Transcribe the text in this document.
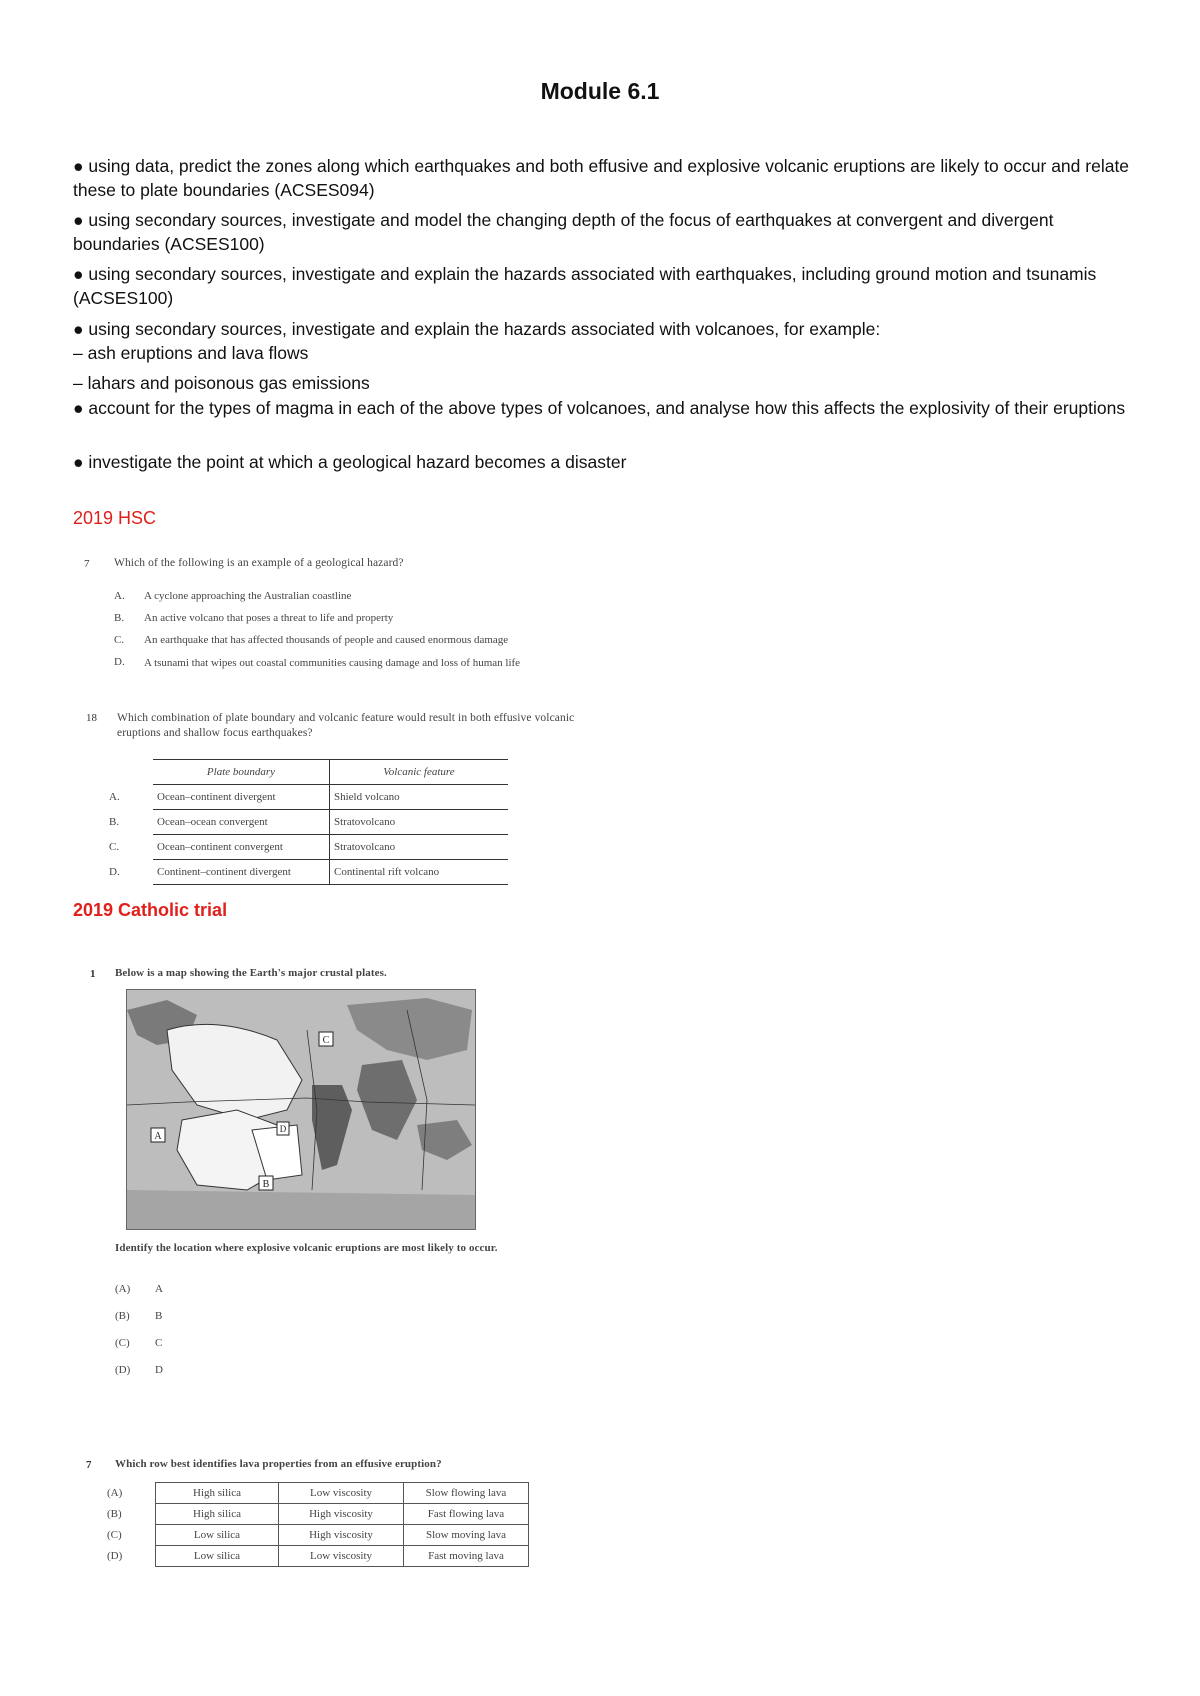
Module 6.1

● using data, predict the zones along which earthquakes and both effusive and explosive volcanic eruptions are likely to occur and relate these to plate boundaries (ACSES094)

● using secondary sources, investigate and model the changing depth of the focus of earthquakes at convergent and divergent boundaries (ACSES100)

● using secondary sources, investigate and explain the hazards associated with earthquakes, including ground motion and tsunamis (ACSES100)

● using secondary sources, investigate and explain the hazards associated with volcanoes, for example:

– ash eruptions and lava flows

– lahars and poisonous gas emissions

● account for the types of magma in each of the above types of volcanoes, and analyse how this affects the explosivity of their eruptions

● investigate the point at which a geological hazard becomes a disaster

2019 HSC
7 Which of the following is an example of a geological hazard?
A. A cyclone approaching the Australian coastline
B. An active volcano that poses a threat to life and property
C. An earthquake that has affected thousands of people and caused enormous damage
D. A tsunami that wipes out coastal communities causing damage and loss of human life
18 Which combination of plate boundary and volcanic feature would result in both effusive volcanic eruptions and shallow focus earthquakes?
	Plate boundary	Volcanic feature
A.	Ocean–continent divergent	Shield volcano
B.	Ocean–ocean convergent	Stratovolcano
C.	Ocean–continent convergent	Stratovolcano
D.	Continent–continent divergent	Continental rift volcano
2019 Catholic trial
1 Below is a map showing the Earth's major crustal plates.
C
A
B
D
Identify the location where explosive volcanic eruptions are most likely to occur.
(A) A
(B) B
(C) C
(D) D
7 Which row best identifies lava properties from an effusive eruption?
(A)	High silica	Low viscosity	Slow flowing lava
(B)	High silica	High viscosity	Fast flowing lava
(C)	Low silica	High viscosity	Slow moving lava
(D)	Low silica	Low viscosity	Fast moving lava
